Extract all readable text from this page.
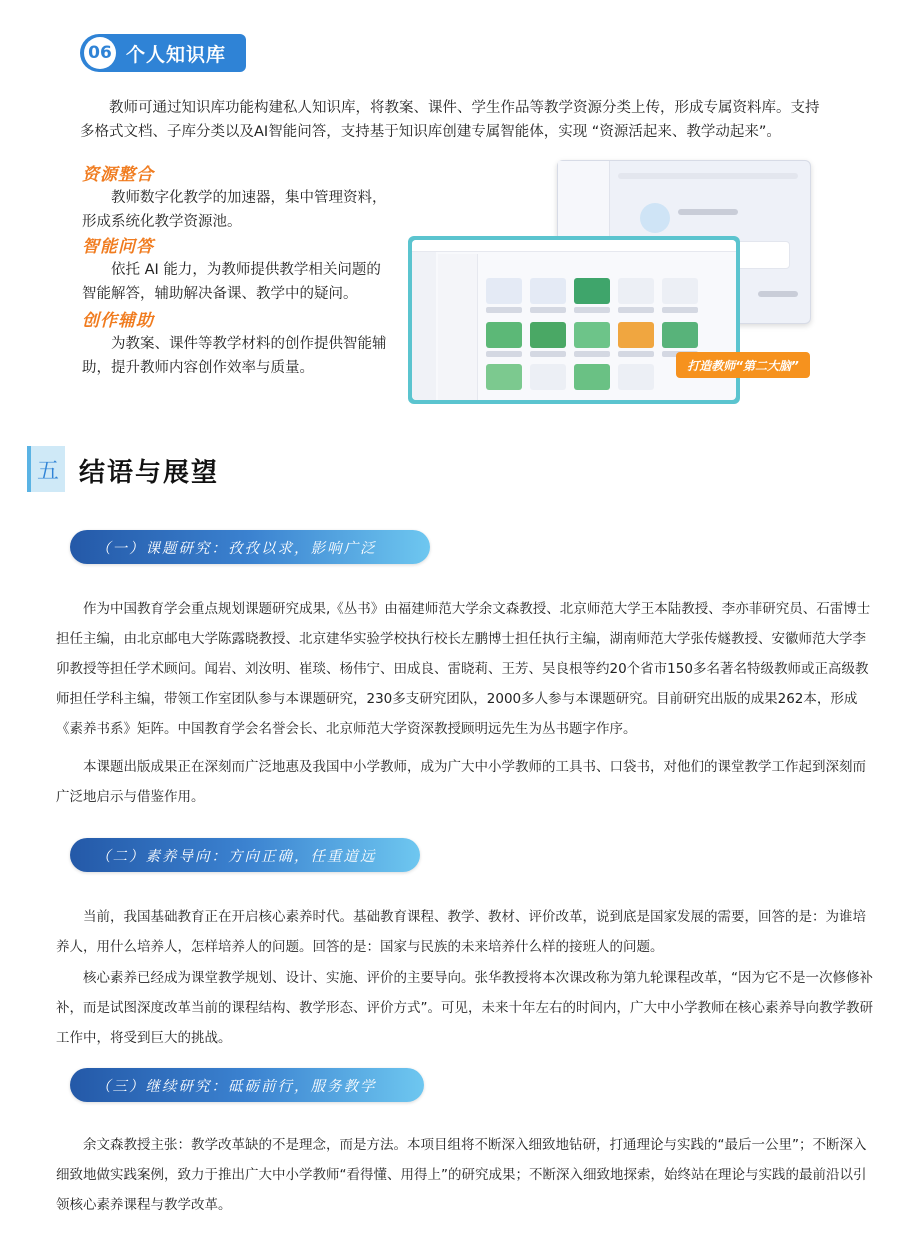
06 个人知识库
教师可通过知识库功能构建私人知识库，将教案、课件、学生作品等教学资源分类上传，形成专属资料库。支持多格式文档、子库分类以及AI智能问答，支持基于知识库创建专属智能体，实现 “资源活起来、教学动起来”。
资源整合
教师数字化教学的加速器，集中管理资料，形成系统化教学资源池。
智能问答
依托 AI 能力，为教师提供教学相关问题的智能解答，辅助解决备课、教学中的疑问。
创作辅助
为教案、课件等教学材料的创作提供智能辅助，提升教师内容创作效率与质量。	打造教师“第二大脑”
五 结语与展望
（一）课题研究：孜孜以求，影响广泛
作为中国教育学会重点规划课题研究成果,《丛书》由福建师范大学余文森教授、北京师范大学王本陆教授、李亦菲研究员、石雷博士担任主编，由北京邮电大学陈露晓教授、北京建华实验学校执行校长左鹏博士担任执行主编，湖南师范大学张传燧教授、安徽师范大学李卯教授等担任学术顾问。闻岩、刘汝明、崔琰、杨伟宁、田成良、雷晓莉、王芳、吴良根等约20个省市150多名著名特级教师或正高级教师担任学科主编，带领工作室团队参与本课题研究，230多支研究团队，2000多人参与本课题研究。目前研究出版的成果262本，形成《素养书系》矩阵。中国教育学会名誉会长、北京师范大学资深教授顾明远先生为丛书题字作序。
本课题出版成果正在深刻而广泛地惠及我国中小学教师，成为广大中小学教师的工具书、口袋书，对他们的课堂教学工作起到深刻而广泛地启示与借鉴作用。
（二）素养导向：方向正确，任重道远
当前，我国基础教育正在开启核心素养时代。基础教育课程、教学、教材、评价改革，说到底是国家发展的需要，回答的是：为谁培养人，用什么培养人，怎样培养人的问题。回答的是：国家与民族的未来培养什么样的接班人的问题。
核心素养已经成为课堂教学规划、设计、实施、评价的主要导向。张华教授将本次课改称为第九轮课程改革，“因为它不是一次修修补补，而是试图深度改革当前的课程结构、教学形态、评价方式”。可见，未来十年左右的时间内，广大中小学教师在核心素养导向教学教研工作中，将受到巨大的挑战。
（三）继续研究：砥砺前行，服务教学
余文森教授主张：教学改革缺的不是理念，而是方法。本项目组将不断深入细致地钻研，打通理论与实践的“最后一公里”；不断深入细致地做实践案例，致力于推出广大中小学教师“看得懂、用得上”的研究成果；不断深入细致地探索，始终站在理论与实践的最前沿以引领核心素养课程与教学改革。
